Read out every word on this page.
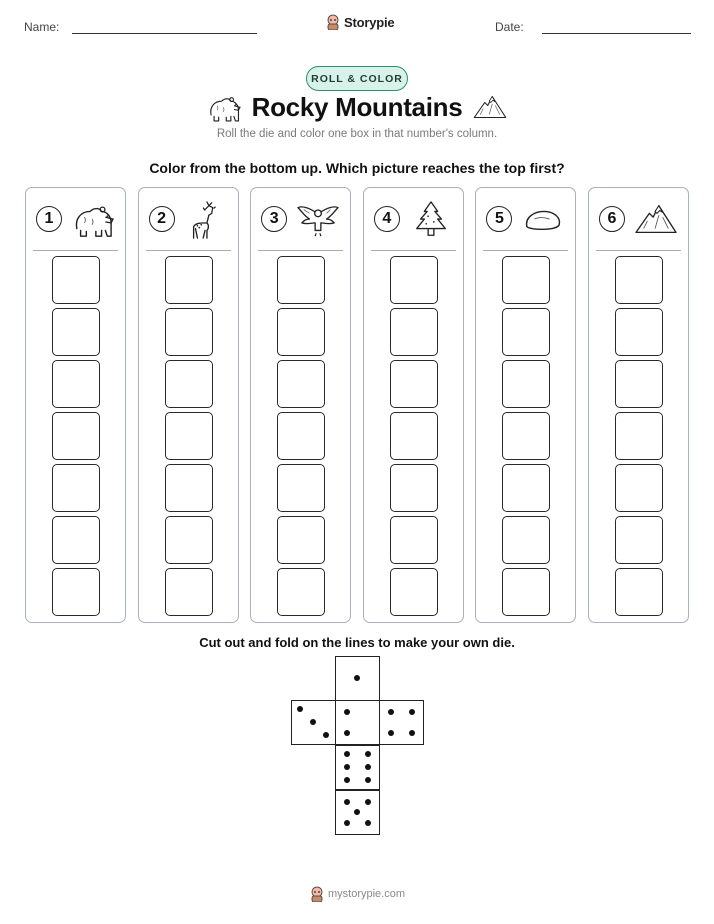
Name:	Storypie	Date:
ROLL & COLOR
Rocky Mountains
Roll the die and color one box in that number's column.
Color from the bottom up. Which picture reaches the top first?
1	2	3	4	5	6
Cut out and fold on the lines to make your own die.
mystorypie.com
